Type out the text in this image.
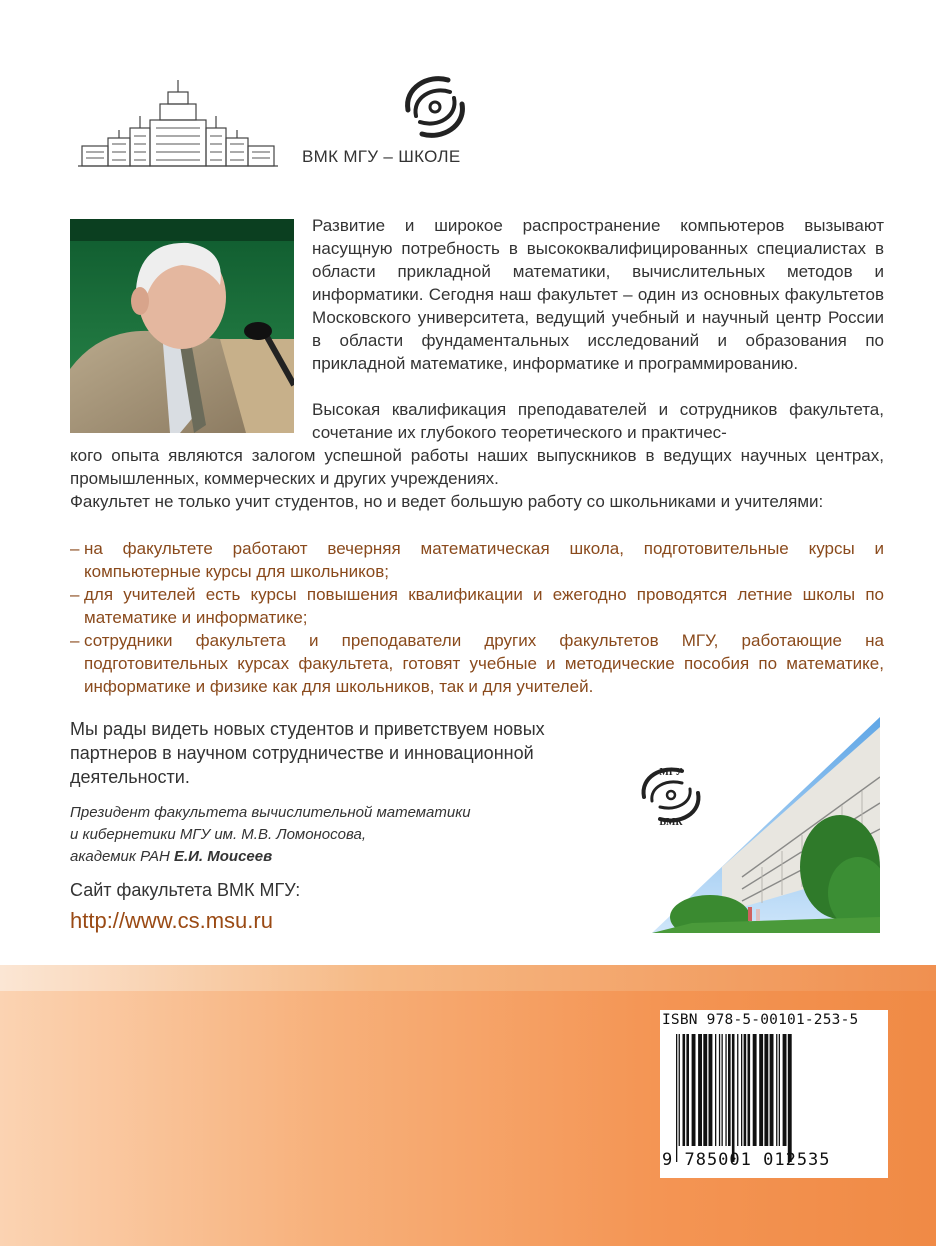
ВМК МГУ – ШКОЛЕ
Развитие и широкое распространение компьютеров вызывают насущную потребность в высококвалифицированных специалистах в области прикладной математики, вычислительных методов и информатики. Сегодня наш факультет – один из основных факультетов Московского университета, ведущий учебный и научный центр России в области фундаментальных исследований и образования по прикладной математике, информатике и программированию.
Высокая квалификация преподавателей и сотрудников факультета, сочетание их глубокого теоретического и практичес-
кого опыта являются залогом успешной работы наших выпускников в ведущих научных центрах, промышленных, коммерческих и других учреждениях.
Факультет не только учит студентов, но и ведет большую работу со школьниками и учителями:
– на факультете работают вечерняя математическая школа, подготовительные курсы и компьютерные курсы для школьников;
– для учителей есть курсы повышения квалификации и ежегодно проводятся летние школы по математике и информатике;
– сотрудники факультета и преподаватели других факультетов МГУ, работающие на подготовительных курсах факультета, готовят учебные и методические пособия по математике, информатике и физике как для школьников, так и для учителей.
Мы рады видеть новых студентов и приветствуем новых партнеров в научном сотрудничестве и инновационной деятельности.
Президент факультета вычислительной математики
и кибернетики МГУ им. М.В. Ломоносова,
академик РАН Е.И. Моисеев
Сайт факультета ВМК МГУ:
http://www.cs.msu.ru
МГУ
ВМК
ISBN 978-5-00101-253-5
9 785001 012535
